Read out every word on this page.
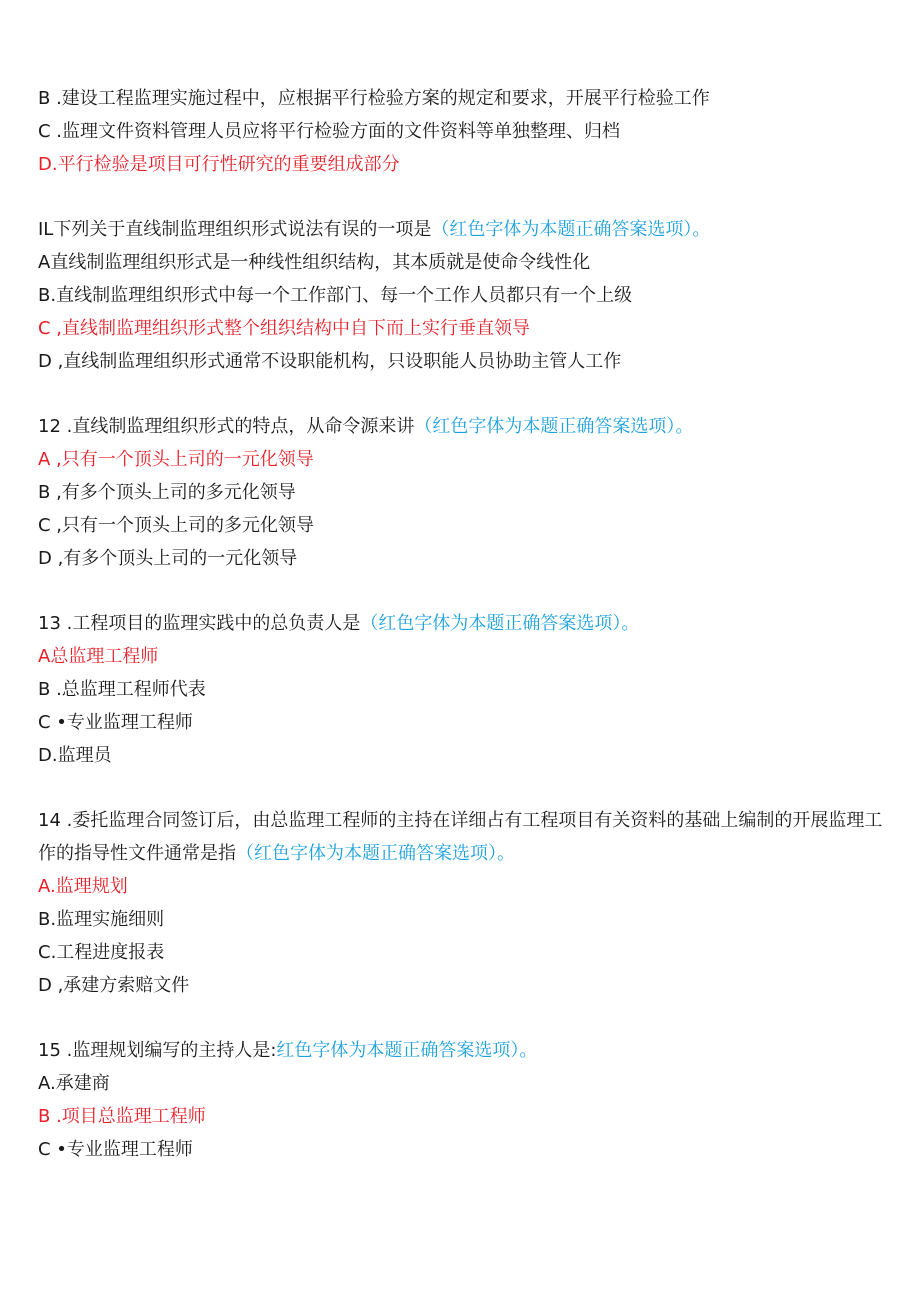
B .建设工程监理实施过程中，应根据平行检验方案的规定和要求，开展平行检验工作
C .监理文件资料管理人员应将平行检验方面的文件资料等单独整理、归档
D.平行检验是项目可行性研究的重要组成部分
IL下列关于直线制监理组织形式说法有误的一项是（红色字体为本题正确答案选项）。
A直线制监理组织形式是一种线性组织结构，其本质就是使命令线性化
B.直线制监理组织形式中每一个工作部门、每一个工作人员都只有一个上级
C ,直线制监理组织形式整个组织结构中自下而上实行垂直领导
D ,直线制监理组织形式通常不设职能机构，只设职能人员协助主管人工作
12 .直线制监理组织形式的特点，从命令源来讲（红色字体为本题正确答案选项）。
A ,只有一个顶头上司的一元化领导
B ,有多个顶头上司的多元化领导
C ,只有一个顶头上司的多元化领导
D ,有多个顶头上司的一元化领导
13 .工程项目的监理实践中的总负责人是（红色字体为本题正确答案选项）。
A总监理工程师
B .总监理工程师代表
C •专业监理工程师
D.监理员
14 .委托监理合同签订后，由总监理工程师的主持在详细占有工程项目有关资料的基础上编制的开展监理工作的指导性文件通常是指（红色字体为本题正确答案选项）。
A.监理规划
B.监理实施细则
C.工程进度报表
D ,承建方索赔文件
15 .监理规划编写的主持人是:红色字体为本题正确答案选项）。
A.承建商
B .项目总监理工程师
C •专业监理工程师
